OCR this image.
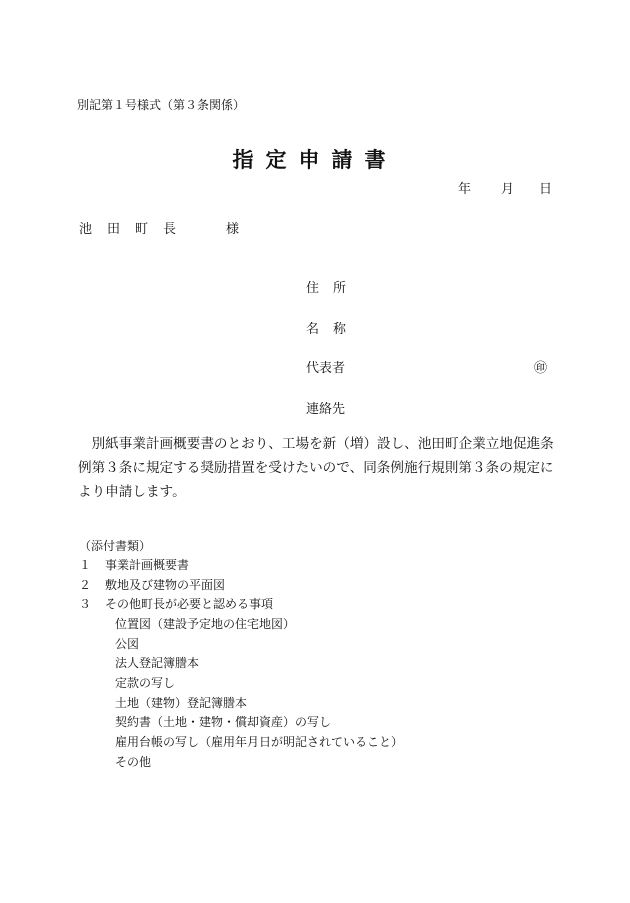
別記第１号様式（第３条関係）
指定申請書
年 月 日
池田町長	様
住所
名称
代表者	㊞
連絡先
別紙事業計画概要書のとおり、工場を新（増）設し、池田町企業立地促進条例第３条に規定する奨励措置を受けたいので、同条例施行規則第３条の規定により申請します。
（添付書類）
１ 事業計画概要書
２ 敷地及び建物の平面図
３ その他町長が必要と認める事項
位置図（建設予定地の住宅地図）
公図
法人登記簿謄本
定款の写し
土地（建物）登記簿謄本
契約書（土地・建物・償却資産）の写し
雇用台帳の写し（雇用年月日が明記されていること）
その他
